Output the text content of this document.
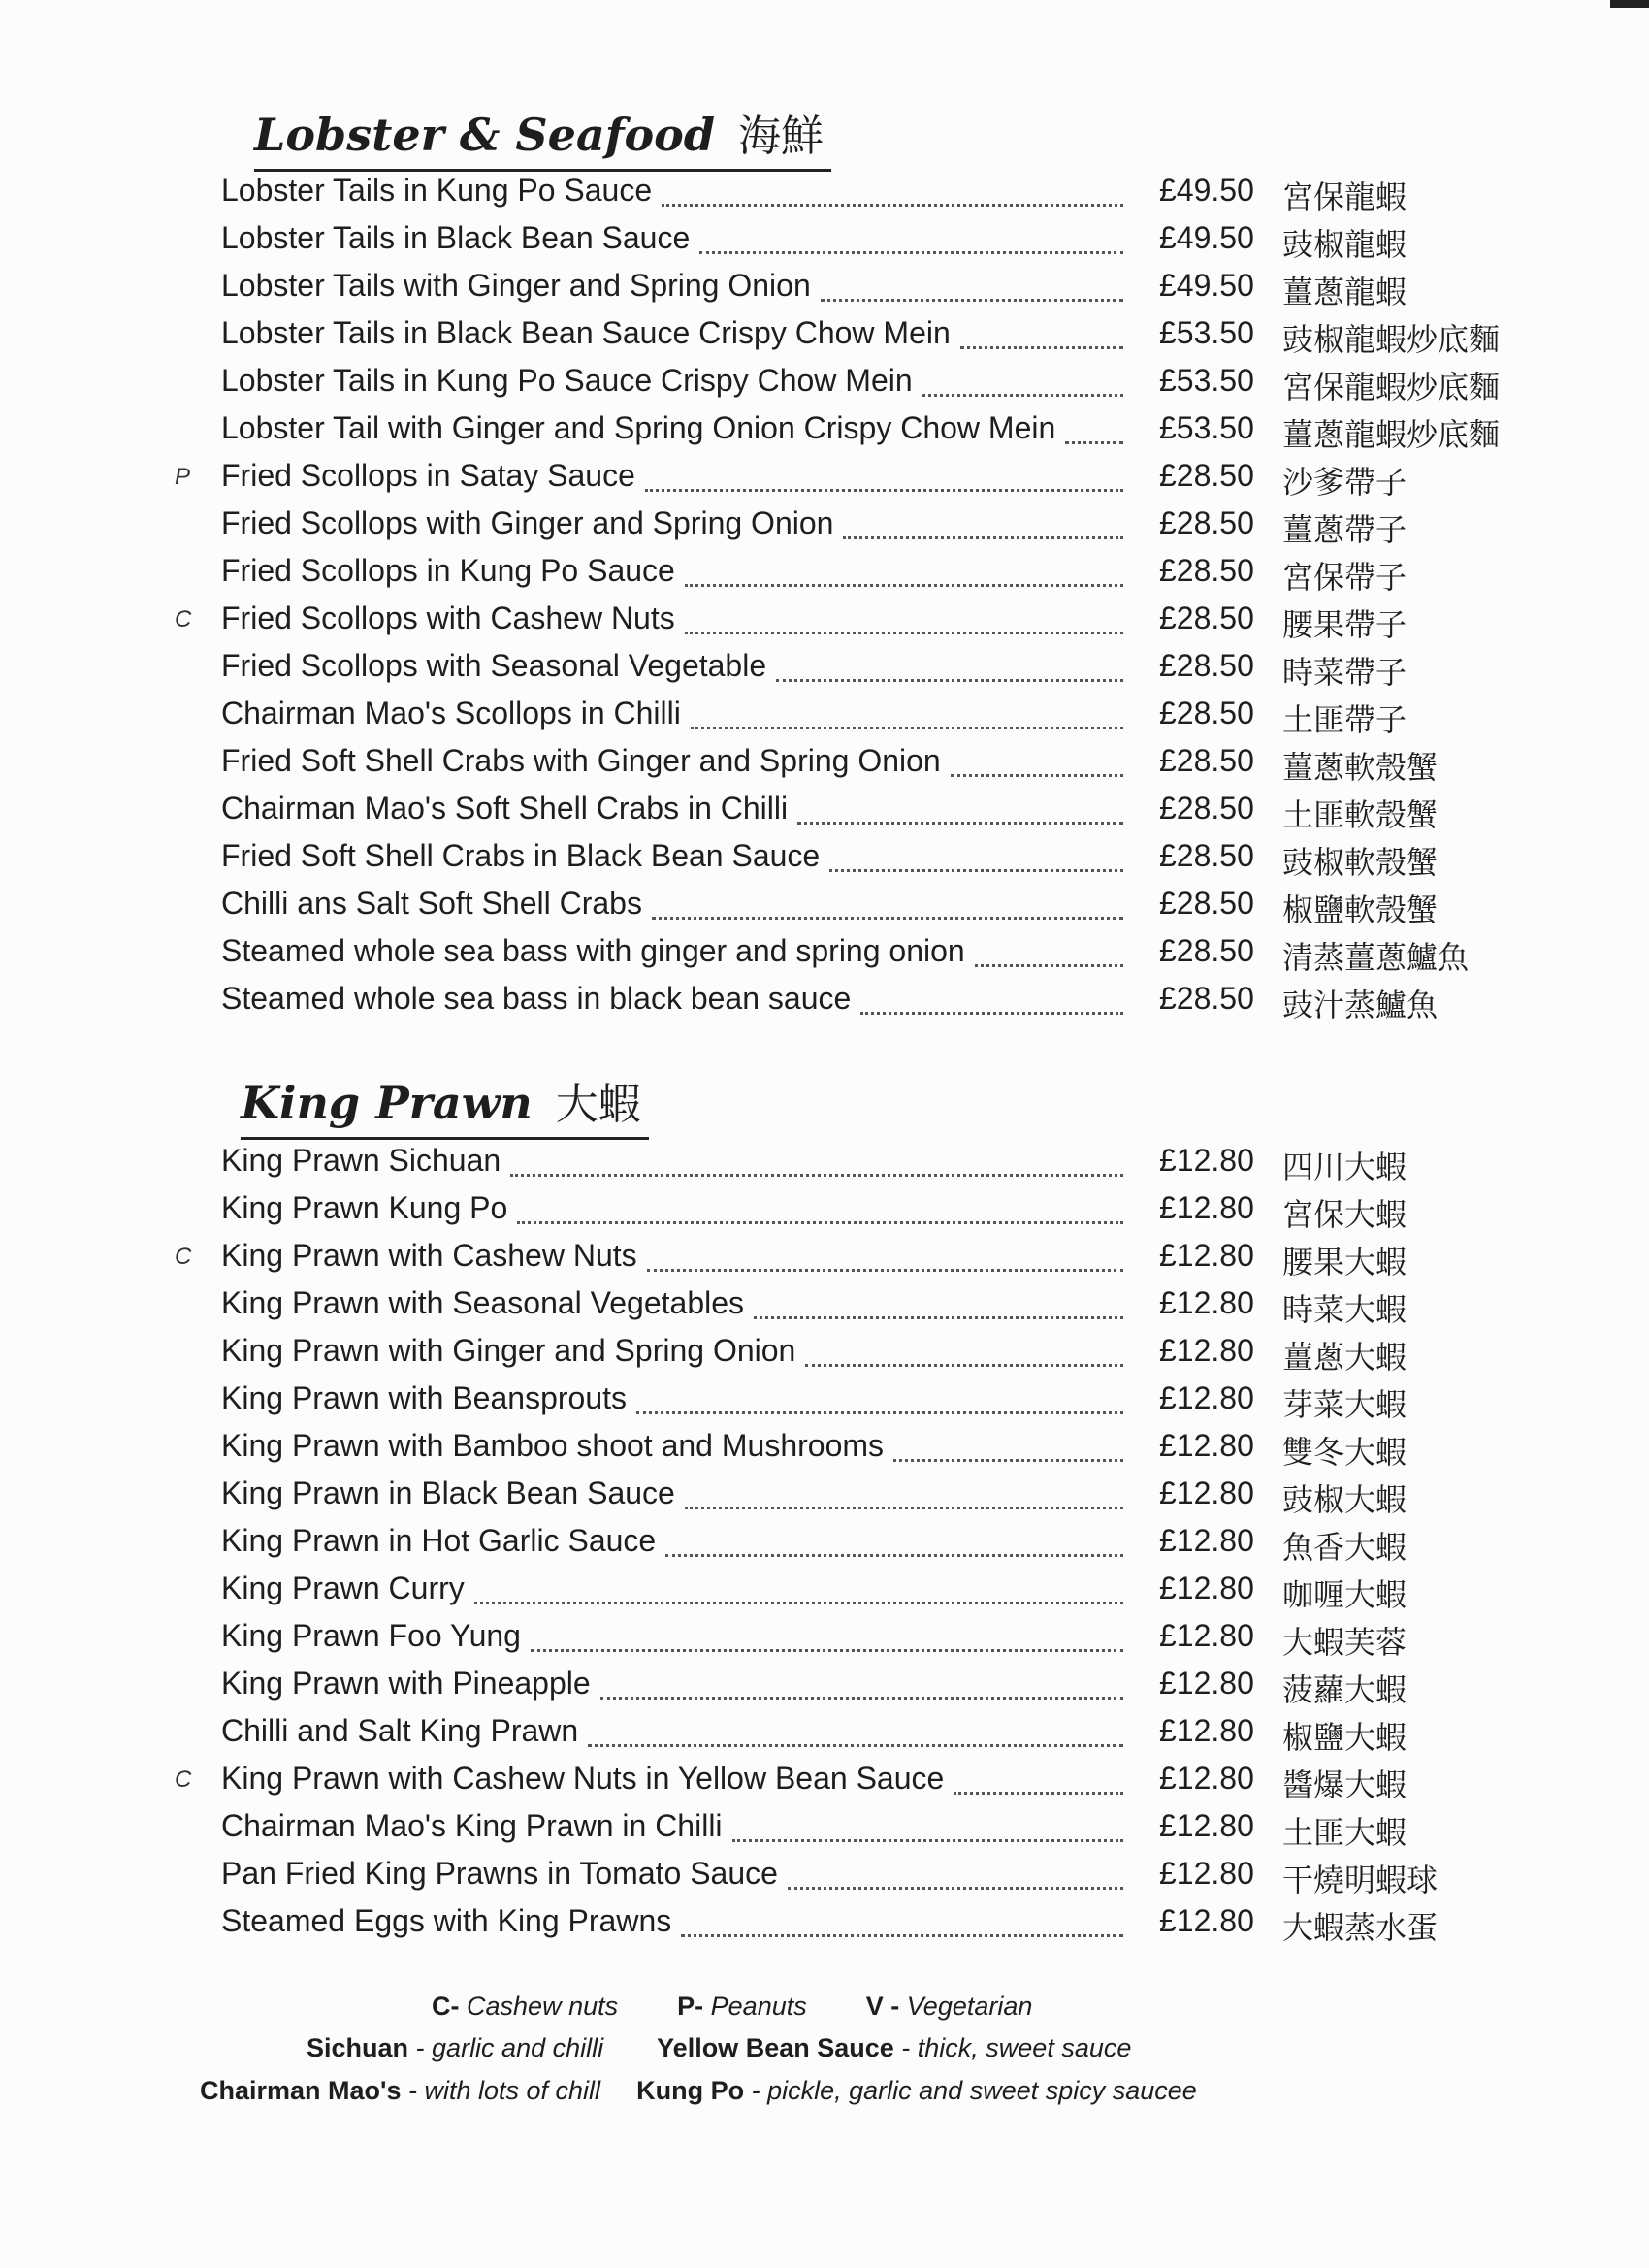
Lobster & Seafood 海鮮
Lobster Tails in Kung Po Sauce	£49.50 宮保龍蝦
Lobster Tails in Black Bean Sauce	£49.50 豉椒龍蝦
Lobster Tails with Ginger and Spring Onion	£49.50 薑蔥龍蝦
Lobster Tails in Black Bean Sauce Crispy Chow Mein	£53.50 豉椒龍蝦炒底麵
Lobster Tails in Kung Po Sauce Crispy Chow Mein	£53.50 宮保龍蝦炒底麵
Lobster Tail with Ginger and Spring Onion Crispy Chow Mein	£53.50 薑蔥龍蝦炒底麵
P Fried Scollops in Satay Sauce	£28.50 沙爹帶子
Fried Scollops with Ginger and Spring Onion	£28.50 薑蔥帶子
Fried Scollops in Kung Po Sauce	£28.50 宮保帶子
C Fried Scollops with Cashew Nuts	£28.50 腰果帶子
Fried Scollops with Seasonal Vegetable	£28.50 時菜帶子
Chairman Mao's Scollops in Chilli	£28.50 土匪帶子
Fried Soft Shell Crabs with Ginger and Spring Onion	£28.50 薑蔥軟殼蟹
Chairman Mao's Soft Shell Crabs in Chilli	£28.50 土匪軟殼蟹
Fried Soft Shell Crabs in Black Bean Sauce	£28.50 豉椒軟殼蟹
Chilli ans Salt Soft Shell Crabs	£28.50 椒鹽軟殼蟹
Steamed whole sea bass with ginger and spring onion	£28.50 清蒸薑蔥鱸魚
Steamed whole sea bass in black bean sauce	£28.50 豉汁蒸鱸魚
King Prawn 大蝦
King Prawn Sichuan	£12.80 四川大蝦
King Prawn Kung Po	£12.80 宮保大蝦
C King Prawn with Cashew Nuts	£12.80 腰果大蝦
King Prawn with Seasonal Vegetables	£12.80 時菜大蝦
King Prawn with Ginger and Spring Onion	£12.80 薑蔥大蝦
King Prawn with Beansprouts	£12.80 芽菜大蝦
King Prawn with Bamboo shoot and Mushrooms	£12.80 雙冬大蝦
King Prawn in Black Bean Sauce	£12.80 豉椒大蝦
King Prawn in Hot Garlic Sauce	£12.80 魚香大蝦
King Prawn Curry	£12.80 咖喱大蝦
King Prawn Foo Yung	£12.80 大蝦芙蓉
King Prawn with Pineapple	£12.80 菠蘿大蝦
Chilli and Salt King Prawn	£12.80 椒鹽大蝦
C King Prawn with Cashew Nuts in Yellow Bean Sauce	£12.80 醬爆大蝦
Chairman Mao's King Prawn in Chilli	£12.80 土匪大蝦
Pan Fried King Prawns in Tomato Sauce	£12.80 干燒明蝦球
Steamed Eggs with King Prawns	£12.80 大蝦蒸水蛋
C- Cashew nuts P- Peanuts V - Vegetarian
Sichuan - garlic and chilli Yellow Bean Sauce - thick, sweet sauce
Chairman Mao's - with lots of chill Kung Po - pickle, garlic and sweet spicy saucee
